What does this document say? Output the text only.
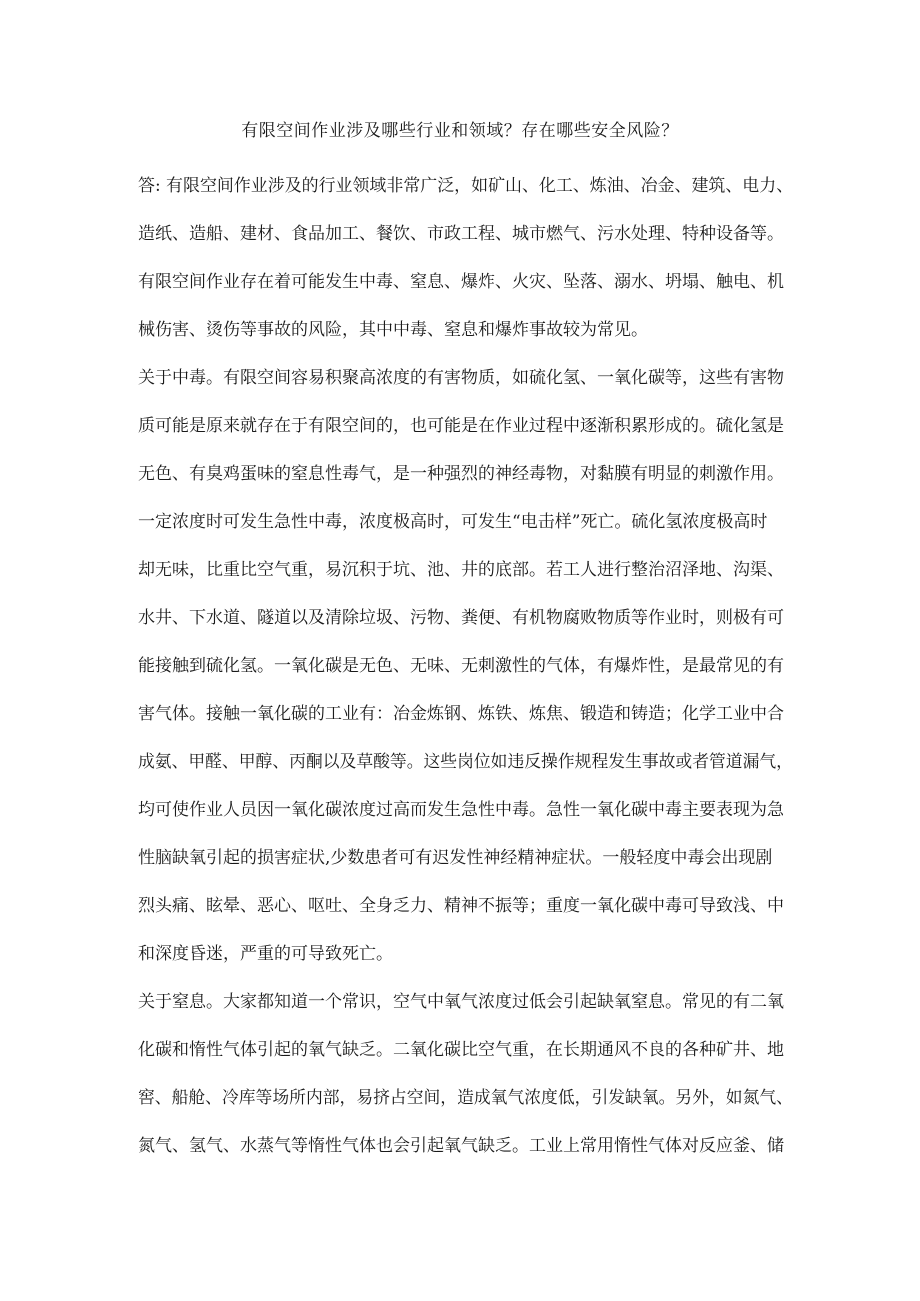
有限空间作业涉及哪些行业和领域？存在哪些安全风险？
答: 有限空间作业涉及的行业领域非常广泛，如矿山、化工、炼油、冶金、建筑、电力、
造纸、造船、建材、食品加工、餐饮、市政工程、城市燃气、污水处理、特种设备等。
有限空间作业存在着可能发生中毒、窒息、爆炸、火灾、坠落、溺水、坍塌、触电、机
械伤害、烫伤等事故的风险，其中中毒、窒息和爆炸事故较为常见。
关于中毒。有限空间容易积聚高浓度的有害物质，如硫化氢、一氧化碳等，这些有害物
质可能是原来就存在于有限空间的，也可能是在作业过程中逐渐积累形成的。硫化氢是
无色、有臭鸡蛋味的窒息性毒气，是一种强烈的神经毒物，对黏膜有明显的刺激作用。
一定浓度时可发生急性中毒，浓度极高时，可发生“电击样”死亡。硫化氢浓度极高时
却无味，比重比空气重，易沉积于坑、池、井的底部。若工人进行整治沼泽地、沟渠、
水井、下水道、隧道以及清除垃圾、污物、粪便、有机物腐败物质等作业时，则极有可
能接触到硫化氢。一氧化碳是无色、无味、无刺激性的气体，有爆炸性，是最常见的有
害气体。接触一氧化碳的工业有：冶金炼钢、炼铁、炼焦、锻造和铸造；化学工业中合
成氨、甲醛、甲醇、丙酮以及草酸等。这些岗位如违反操作规程发生事故或者管道漏气，
均可使作业人员因一氧化碳浓度过高而发生急性中毒。急性一氧化碳中毒主要表现为急
性脑缺氧引起的损害症状,少数患者可有迟发性神经精神症状。一般轻度中毒会出现剧
烈头痛、眩晕、恶心、呕吐、全身乏力、精神不振等；重度一氧化碳中毒可导致浅、中
和深度昏迷，严重的可导致死亡。
关于窒息。大家都知道一个常识，空气中氧气浓度过低会引起缺氧窒息。常见的有二氧
化碳和惰性气体引起的氧气缺乏。二氧化碳比空气重，在长期通风不良的各种矿井、地
窖、船舱、冷库等场所内部，易挤占空间，造成氧气浓度低，引发缺氧。另外，如氮气、
氮气、氢气、水蒸气等惰性气体也会引起氧气缺乏。工业上常用惰性气体对反应釜、储
